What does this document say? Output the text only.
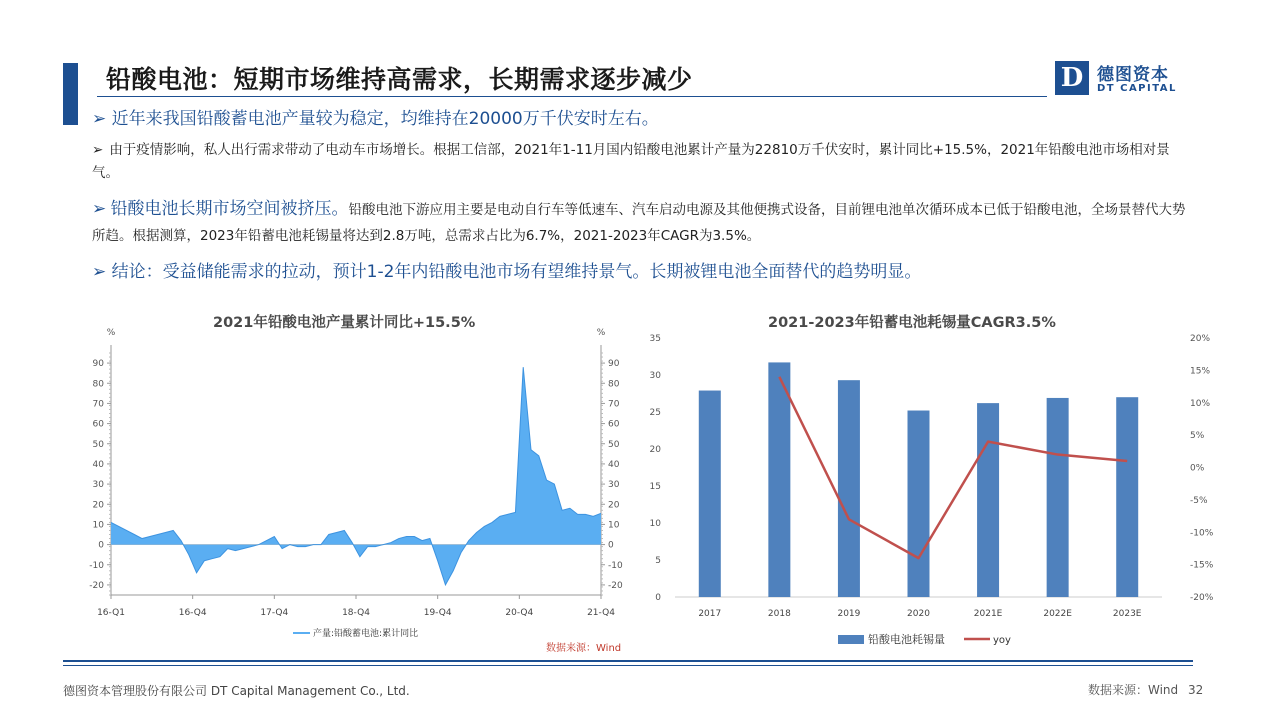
铅酸电池：短期市场维持高需求，长期需求逐步减少	D 德图资本
DT CAPITAL
➢ 近年来我国铅酸蓄电池产量较为稳定，均维持在20000万千伏安时左右。
➢ 由于疫情影响，私人出行需求带动了电动车市场增长。根据工信部，2021年1-11月国内铅酸电池累计产量为22810万千伏安时，累计同比+15.5%，2021年铅酸电池市场相对景气。
➢ 铅酸电池长期市场空间被挤压。铅酸电池下游应用主要是电动自行车等低速车、汽车启动电源及其他便携式设备，目前锂电池单次循环成本已低于铅酸电池，全场景替代大势所趋。根据测算，2023年铅蓄电池耗锡量将达到2.8万吨，总需求占比为6.7%，2021-2023年CAGR为3.5%。
➢ 结论：受益储能需求的拉动，预计1-2年内铅酸电池市场有望维持景气。长期被锂电池全面替代的趋势明显。
2021年铅酸电池产量累计同比+15.5%	2021-2023年铅蓄电池耗锡量CAGR3.5%
%	%
-20	-20
-10	-10
0	0
10	10
20	20
30	30
40	40
50	50
60	60
70	70
80	80
90	90
16-Q1	16-Q4	17-Q4	18-Q4	19-Q4	20-Q4	21-Q4
产量:铅酸蓄电池:累计同比
0
5
10
15
20
25
30
35
-20%
-15%
-10%
-5%
0%
5%
10%
15%
20%
2017	2018	2019	2020	2021E	2022E	2023E
铅酸电池耗锡量	yoy
数据来源：Wind
德图资本管理股份有限公司 DT Capital Management Co., Ltd.	数据来源：Wind 32
